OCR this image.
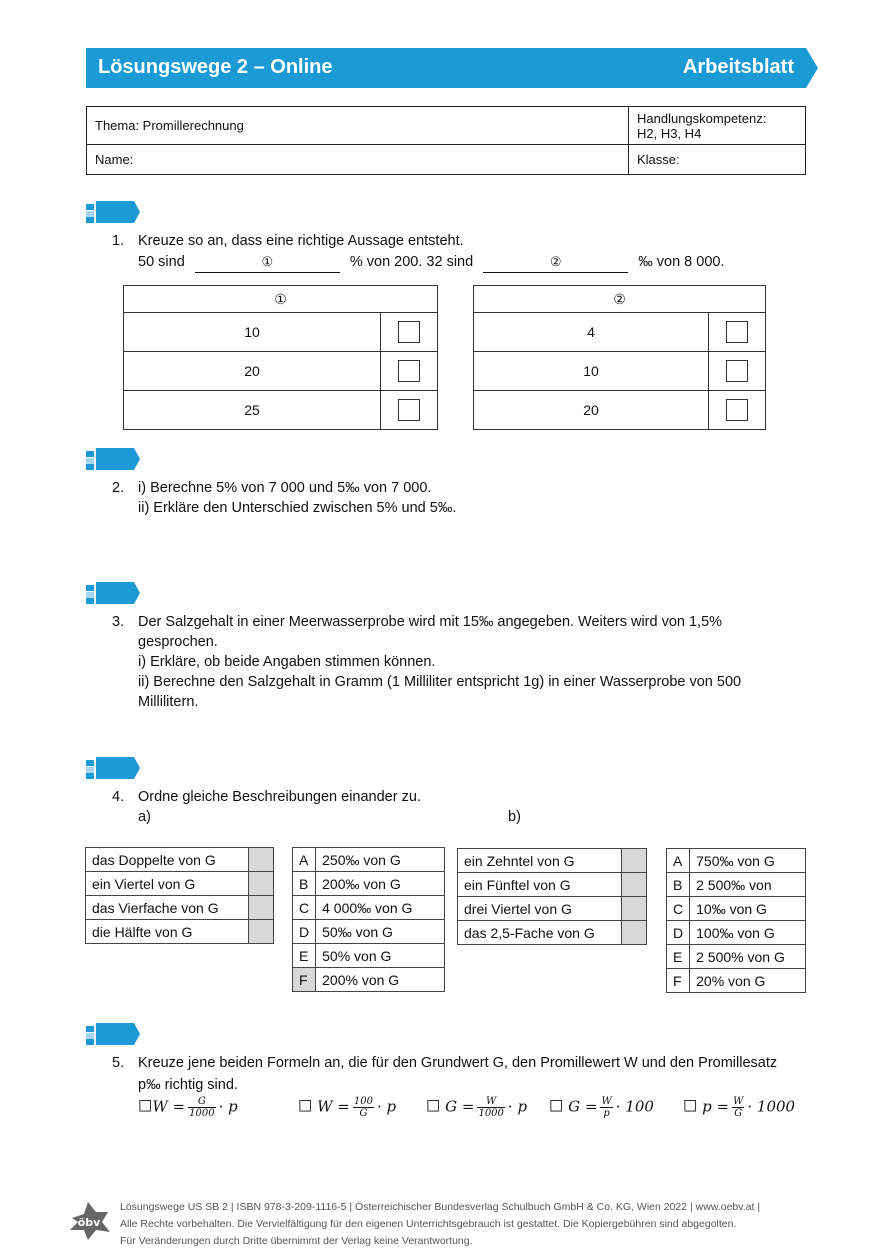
Lösungswege 2 – Online	Arbeitsblatt
Thema: Promillerechnung	Handlungskompetenz:
H2, H3, H4

Name:	Klasse:
1. Kreuze so an, dass eine richtige Aussage entsteht.
50 sind	①	% von 200. 32 sind	②	‰ von 8 000.
①	
10	
20	
25	
②	
4	
10	
20	
2. i) Berechne 5% von 7 000 und 5‰ von 7 000.
ii) Erkläre den Unterschied zwischen 5% und 5‰.
3. Der Salzgehalt in einer Meerwasserprobe wird mit 15‰ angegeben. Weiters wird von 1,5%
gesprochen.
i) Erkläre, ob beide Angaben stimmen können.
ii) Berechne den Salzgehalt in Gramm (1 Milliliter entspricht 1g) in einer Wasserprobe von 500
Millilitern.
4. Ordne gleiche Beschreibungen einander zu.
a)	b)
das Doppelte von G	
ein Viertel von G	
das Vierfache von G	
die Hälfte von G	
A	250‰ von G
B	200‰ von G
C	4 000‰ von G
D	50‰ von G
E	50% von G
F	200% von G
ein Zehntel von G	
ein Fünftel von G	
drei Viertel von G	
das 2,5-Fache von G	
A	750‰ von G
B	2 500‰ von
C	10‰ von G
D	100‰ von G
E	2 500% von G
F	20% von G
5. Kreuze jene beiden Formeln an, die für den Grundwert G, den Promillewert W und den Promillesatz
p‰ richtig sind.
☐W = $\frac{G}{1000} \cdot p$	☐ $W = \frac{100}{G} \cdot p$ ☐ $G = \frac{W}{1000} \cdot p$ ☐ $G = \frac{W}{p} \cdot 100$ ☐ $p = \frac{W}{G} \cdot 1000$
öbv
Lösungswege US SB 2 | ISBN 978-3-209-1116-5 | Österreichischer Bundesverlag Schulbuch GmbH & Co. KG, Wien 2022 | www.oebv.at |
Alle Rechte vorbehalten. Die Vervielfältigung für den eigenen Unterrichtsgebrauch ist gestattet. Die Kopiergebühren sind abgegolten.
Für Veränderungen durch Dritte übernimmt der Verlag keine Verantwortung.
